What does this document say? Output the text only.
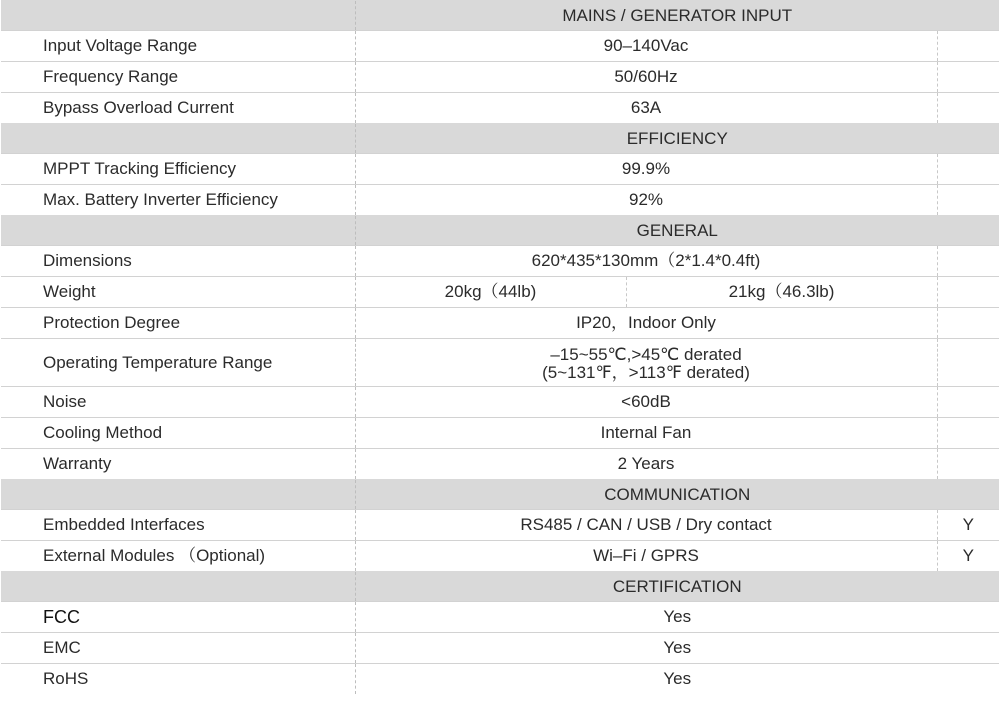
	MAINS / GENERATOR INPUT		
Input Voltage Range	90–140Vac		
Frequency Range	50/60Hz		
Bypass Overload Current	63A		
	EFFICIENCY		
MPPT Tracking Efficiency	99.9%		
Max. Battery Inverter Efficiency	92%		
	GENERAL		
Dimensions	620*435*130mm（2*1.4*0.4ft)		
Weight	20kg（44lb)	21kg（46.3lb)	
Protection Degree	IP20，Indoor Only		
Operating Temperature Range	–15~55℃,>45℃ derated
(5~131℉，>113℉ derated)		

Noise	<60dB		
Cooling Method	Internal Fan		
Warranty	2 Years		
	COMMUNICATION		
Embedded Interfaces	RS485 / CAN / USB / Dry contact		Y
External Modules （Optional)	Wi–Fi / GPRS		Y
	CERTIFICATION		
FCC	Yes		
EMC	Yes		
RoHS	Yes		
